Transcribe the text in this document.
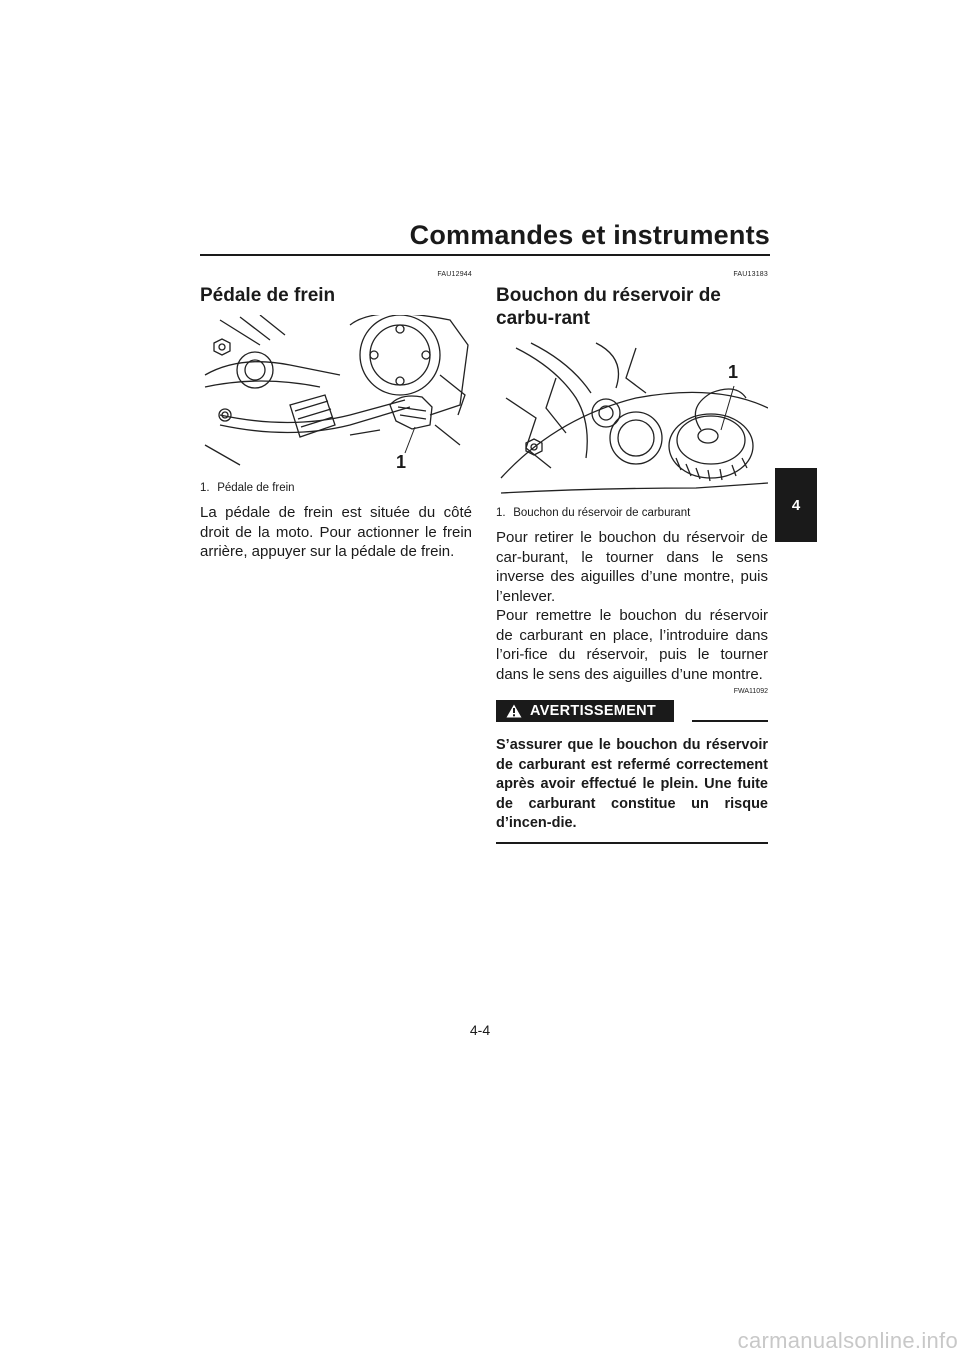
Commandes et instruments
4
FAU12944
Pédale de frein
1
1. Pédale de frein

La pédale de frein est située du côté droit de la moto. Pour actionner le frein arrière, appuyer sur la pédale de frein.

FAU13183
Bouchon du réservoir de carbu-rant
1
1. Bouchon du réservoir de carburant

Pour retirer le bouchon du réservoir de car-burant, le tourner dans le sens inverse des aiguilles d’une montre, puis l’enlever.

Pour remettre le bouchon du réservoir de carburant en place, l’introduire dans l’ori-fice du réservoir, puis le tourner dans le sens des aiguilles d’une montre.

FWA11092
AVERTISSEMENT
S’assurer que le bouchon du réservoir de carburant est refermé correctement après avoir effectué le plein. Une fuite de carburant constitue un risque d’incen-die.
4-4
carmanualsonline.info
